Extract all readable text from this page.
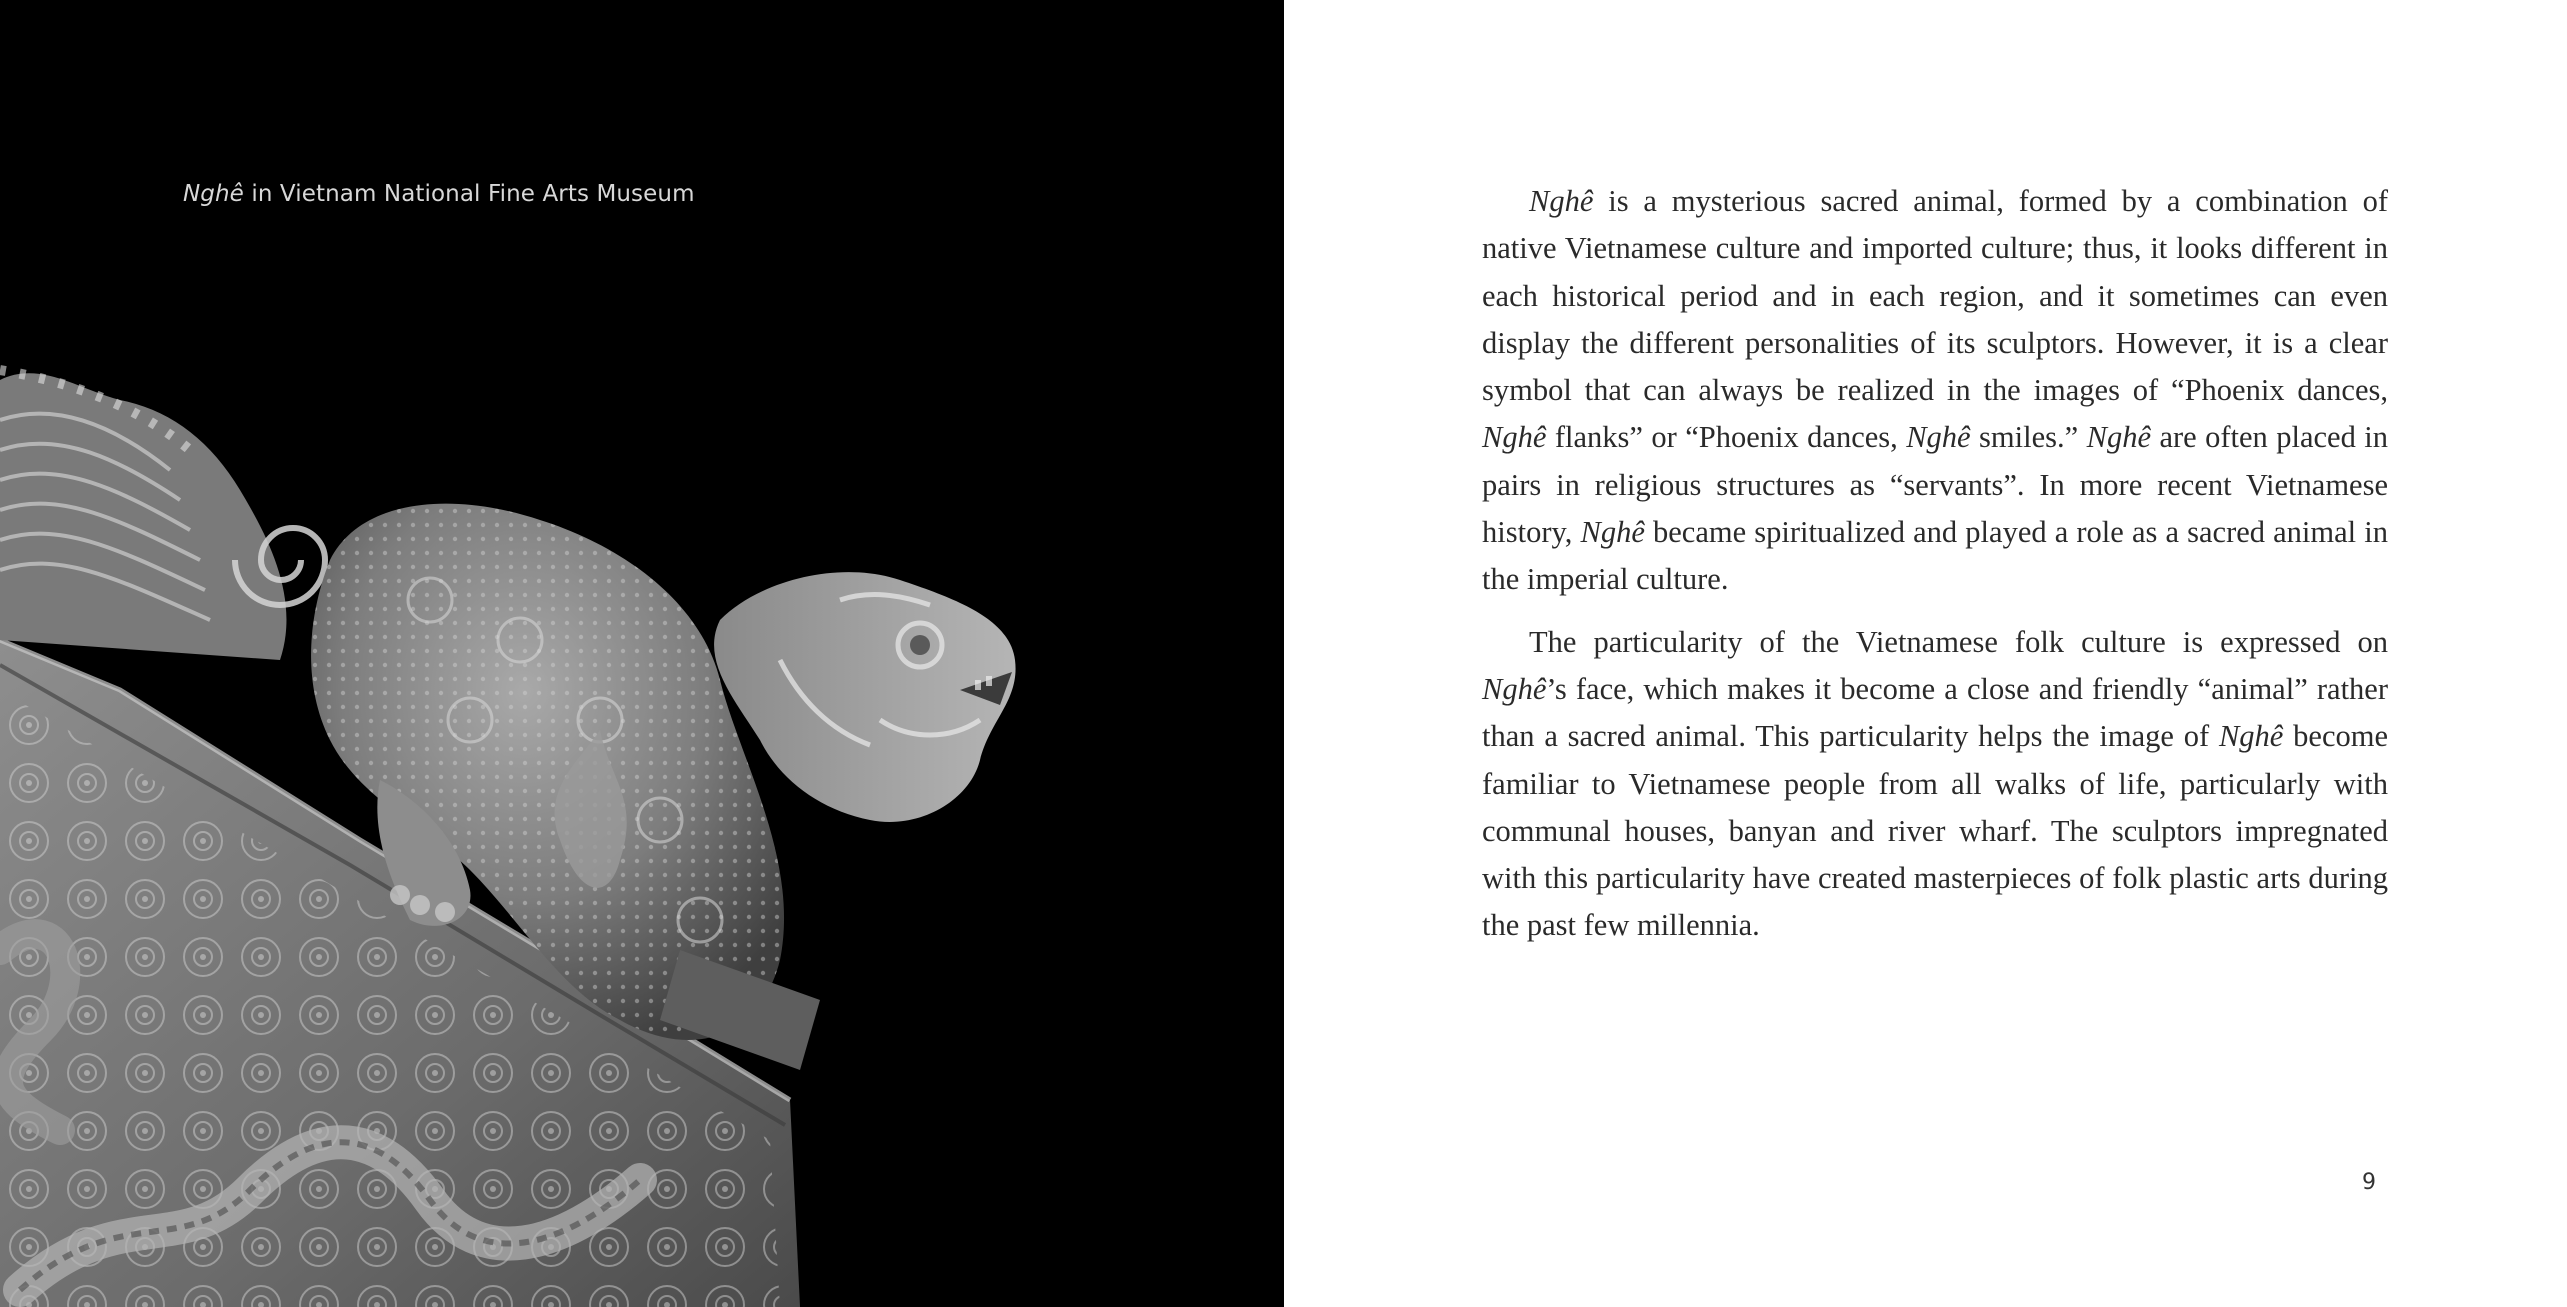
Nghê in Vietnam National Fine Arts Museum	Nghê is a mysterious sacred animal, formed by a combination of native Vietnamese culture and imported culture; thus, it looks different in each historical period and in each region, and it sometimes can even display the different personalities of its sculptors. However, it is a clear symbol that can always be realized in the images of “Phoenix dances, Nghê flanks” or “Phoenix dances, Nghê smiles.” Nghê are often placed in pairs in religious structures as “servants”. In more recent Vietnamese history, Nghê became spiritualized and played a role as a sacred animal in the imperial culture.

The particularity of the Vietnamese folk culture is expressed on Nghê’s face, which makes it become a close and friendly “animal” rather than a sacred animal. This particularity helps the image of Nghê become familiar to Vietnamese people from all walks of life, particularly with communal houses, banyan and river wharf. The sculptors impregnated with this particularity have created masterpieces of folk plastic arts during the past few millennia.

9
